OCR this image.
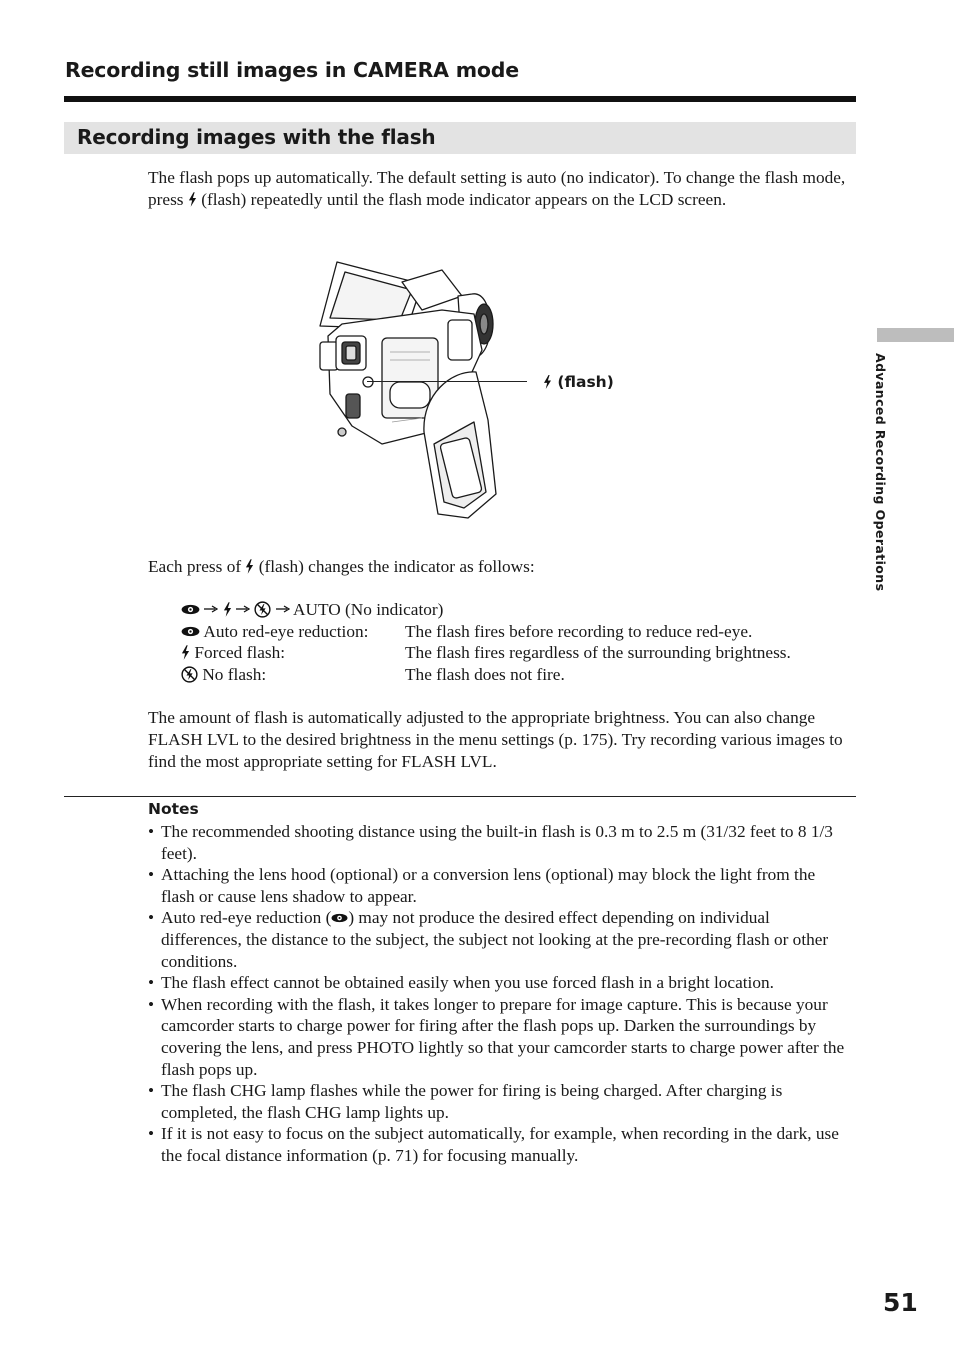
Recording still images in CAMERA mode
Recording images with the flash

The flash pops up automatically. The default setting is auto (no indicator). To change the flash mode, press (flash) repeatedly until the flash mode indicator appears on the LCD screen.

(flash)

Each press of (flash) changes the indicator as follows:

AUTO (No indicator)
Auto red-eye reduction: The flash fires before recording to reduce red-eye.
Forced flash:	The flash fires regardless of the surrounding brightness.
No flash:	The flash does not fire.

The amount of flash is automatically adjusted to the appropriate brightness. You can also change FLASH LVL to the desired brightness in the menu settings (p. 175). Try recording various images to find the most appropriate setting for FLASH LVL.

Notes
• The recommended shooting distance using the built-in flash is 0.3 m to 2.5 m (31/32 feet to 8 1/3 feet).
• Attaching the lens hood (optional) or a conversion lens (optional) may block the light from the flash or cause lens shadow to appear.
• Auto red-eye reduction ( ) may not produce the desired effect depending on individual differences, the distance to the subject, the subject not looking at the pre-recording flash or other conditions.
• The flash effect cannot be obtained easily when you use forced flash in a bright location.
• When recording with the flash, it takes longer to prepare for image capture. This is because your camcorder starts to charge power for firing after the flash pops up. Darken the surroundings by covering the lens, and press PHOTO lightly so that your camcorder starts to charge power after the flash pops up.
• The flash CHG lamp flashes while the power for firing is being charged. After charging is completed, the flash CHG lamp lights up.
• If it is not easy to focus on the subject automatically, for example, when recording in the dark, use the focal distance information (p. 71) for focusing manually.
Advanced Recording Operations
51
